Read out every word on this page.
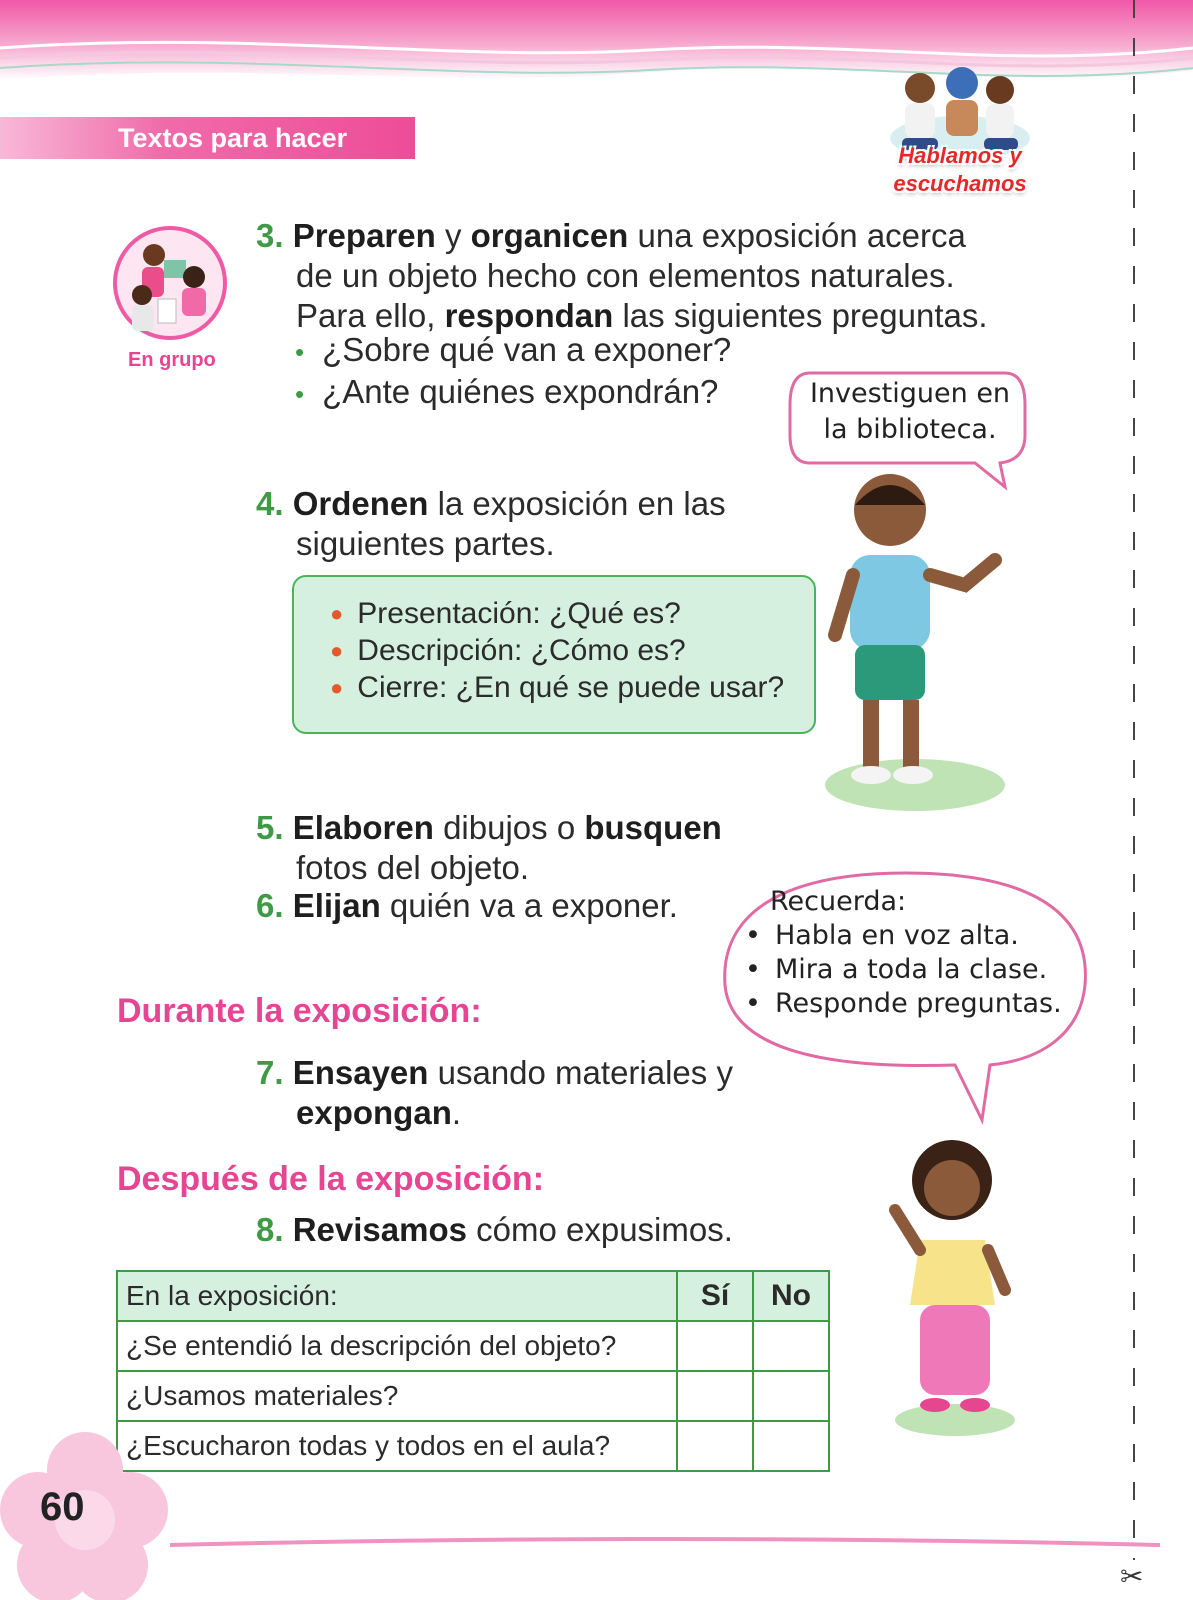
Textos para hacer
Hablamos y
escuchamos
✂
En grupo
3. Preparen y organicen una exposición acerca
de un objeto hecho con elementos naturales.
Para ello, respondan las siguientes preguntas.
• ¿Sobre qué van a exponer?
• ¿Ante quiénes expondrán?	Investiguen en
la biblioteca.
4. Ordenen la exposición en las
siguientes partes.
● Presentación: ¿Qué es?
● Descripción: ¿Cómo es?
● Cierre: ¿En qué se puede usar?
5. Elaboren dibujos o busquen
fotos del objeto.
6. Elijan quién va a exponer.	Recuerda:
• Habla en voz alta.
• Mira a toda la clase.
• Responde preguntas.
Durante la exposición:
7. Ensayen usando materiales y
expongan.
Después de la exposición:
8. Revisamos cómo expusimos.
En la exposición:	Sí	No
¿Se entendió la descripción del objeto?		
¿Usamos materiales?		
¿Escucharon todas y todos en el aula?		
60
